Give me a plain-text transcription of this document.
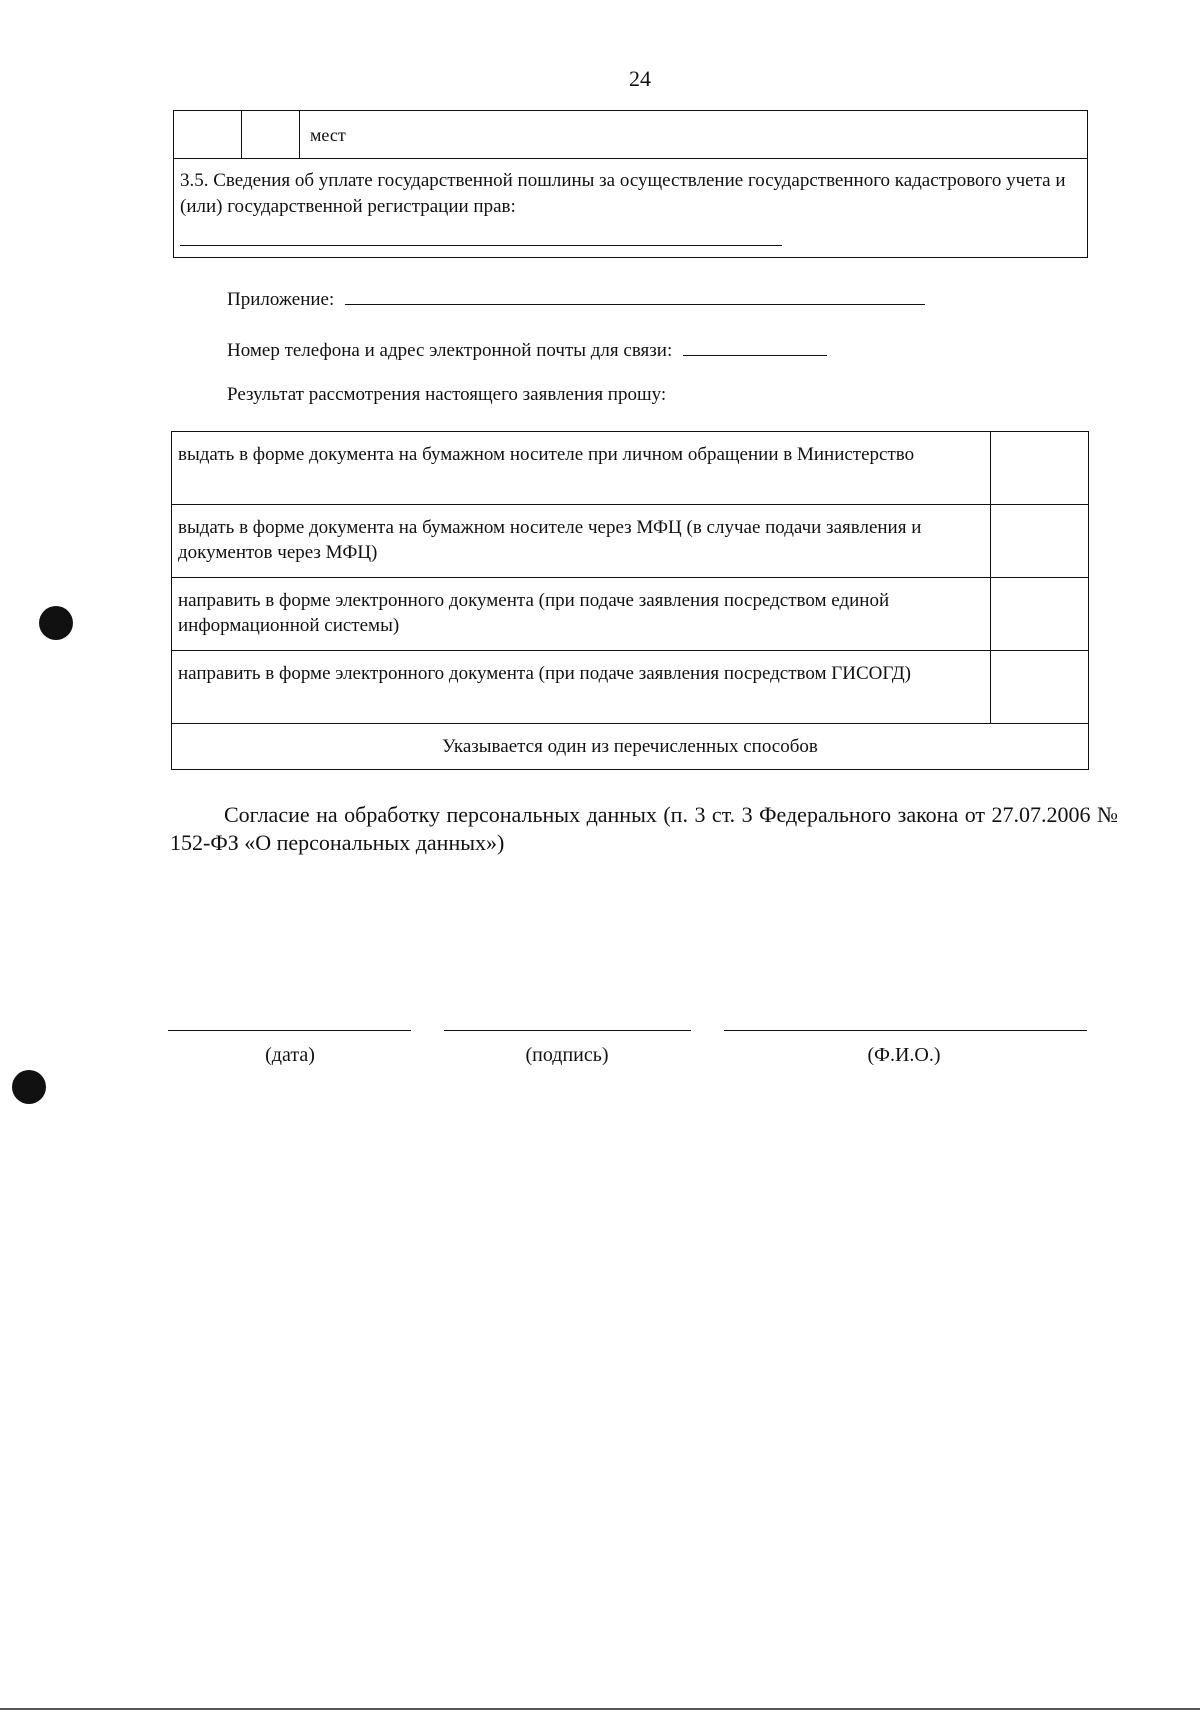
24
мест
3.5. Сведения об уплате государственной пошлины за осуществление государственного кадастрового учета и (или) государственной регистрации прав:
Приложение:
Номер телефона и адрес электронной почты для связи:
Результат рассмотрения настоящего заявления прошу:
выдать в форме документа на бумажном носителе при личном обращении в Министерство
выдать в форме документа на бумажном носителе через МФЦ (в случае подачи заявления и документов через МФЦ)
направить в форме электронного документа (при подаче заявления посредством единой информационной системы)
направить в форме электронного документа (при подаче заявления посредством ГИСОГД)
Указывается один из перечисленных способов
Согласие на обработку персональных данных (п. 3 ст. 3 Федерального закона от 27.07.2006 № 152-ФЗ «О персональных данных»)
(дата)	(подпись)	(Ф.И.О.)
